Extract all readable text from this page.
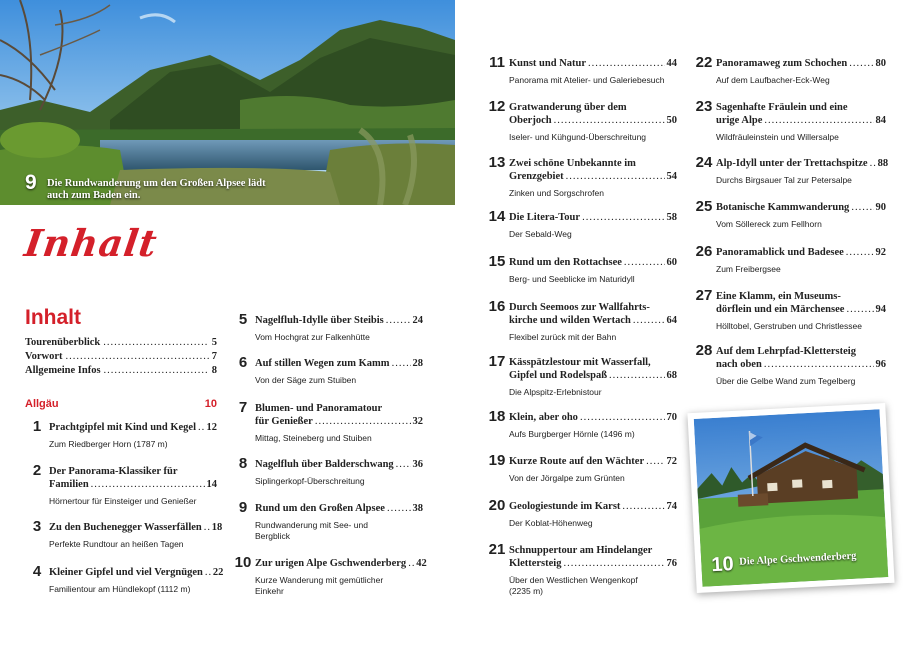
9 Die Rundwanderung um den Großen Alpsee lädt auch zum Baden ein.
Inhalt
Inhalt
Tourenüberblick .....	5
Vorwort .....	7
Allgemeine Infos .....	8
Allgäu	10
1 Prachtgipfel mit Kind und Kegel ..... 12
Zum Riedberger Horn (1787 m)
2 Der Panorama-Klassiker für
Familien .....	14
Hörnertour für Einsteiger und Genießer
3 Zu den Buchenegger Wasserfällen ..... 18
Perfekte Rundtour an heißen Tagen
4 Kleiner Gipfel und viel Vergnügen ..... 22
Familientour am Hündlekopf (1112 m)
5 Nagelfluh-Idylle über Steibis .....	24
Vom Hochgrat zur Falkenhütte
6 Auf stillen Wegen zum Kamm ..... 28
Von der Säge zum Stuiben
7 Blumen- und Panoramatour
für Genießer .....	32
Mittag, Steineberg und Stuiben
8 Nagelfluh über Balderschwang ..... 36
Siplingerkopf-Überschreitung
9 Rund um den Großen Alpsee .....	38
Rundwanderung mit See- und
Bergblick
10 Zur urigen Alpe Gschwenderberg ..... 42
Kurze Wanderung mit gemütlicher
Einkehr
11 Kunst und Natur .....	44
Panorama mit Atelier- und Galeriebesuch
12 Gratwanderung über dem
Oberjoch .....	50
Iseler- und Kühgund-Überschreitung
13 Zwei schöne Unbekannte im
Grenzgebiet .....	54
Zinken und Sorgschrofen
14 Die Litera-Tour .....	58
Der Sebald-Weg
15 Rund um den Rottachsee .....	60
Berg- und Seeblicke im Naturidyll
16 Durch Seemoos zur Wallfahrts-
kirche und wilden Wertach .....	64
Flexibel zurück mit der Bahn
17 Kässpätzlestour mit Wasserfall,
Gipfel und Rodelspaß .....	68
Die Alpspitz-Erlebnistour
18 Klein, aber oho .....	70
Aufs Burgberger Hörnle (1496 m)
19 Kurze Route auf den Wächter ..... 72
Von der Jörgalpe zum Grünten
20 Geologiestunde im Karst .....	74
Der Koblat-Höhenweg
21 Schnuppertour am Hindelanger
Klettersteig .....	76
Über den Westlichen Wengenkopf
(2235 m)
22 Panoramaweg zum Schochen .....	80
Auf dem Laufbacher-Eck-Weg
23 Sagenhafte Fräulein und eine
urige Alpe .....	84
Wildfräuleinstein und Willersalpe
24 Alp-Idyll unter der Trettachspitze ..... 88
Durchs Birgsauer Tal zur Petersalpe
25 Botanische Kammwanderung ..... 90
Vom Söllereck zum Fellhorn
26 Panoramablick und Badesee .....	92
Zum Freibergsee
27 Eine Klamm, ein Museums-
dörflein und ein Märchensee .....	94
Hölltobel, Gerstruben und Christlessee
28 Auf dem Lehrpfad-Klettersteig
nach oben .....	96
Über die Gelbe Wand zum Tegelberg
10 Die Alpe Gschwenderberg
